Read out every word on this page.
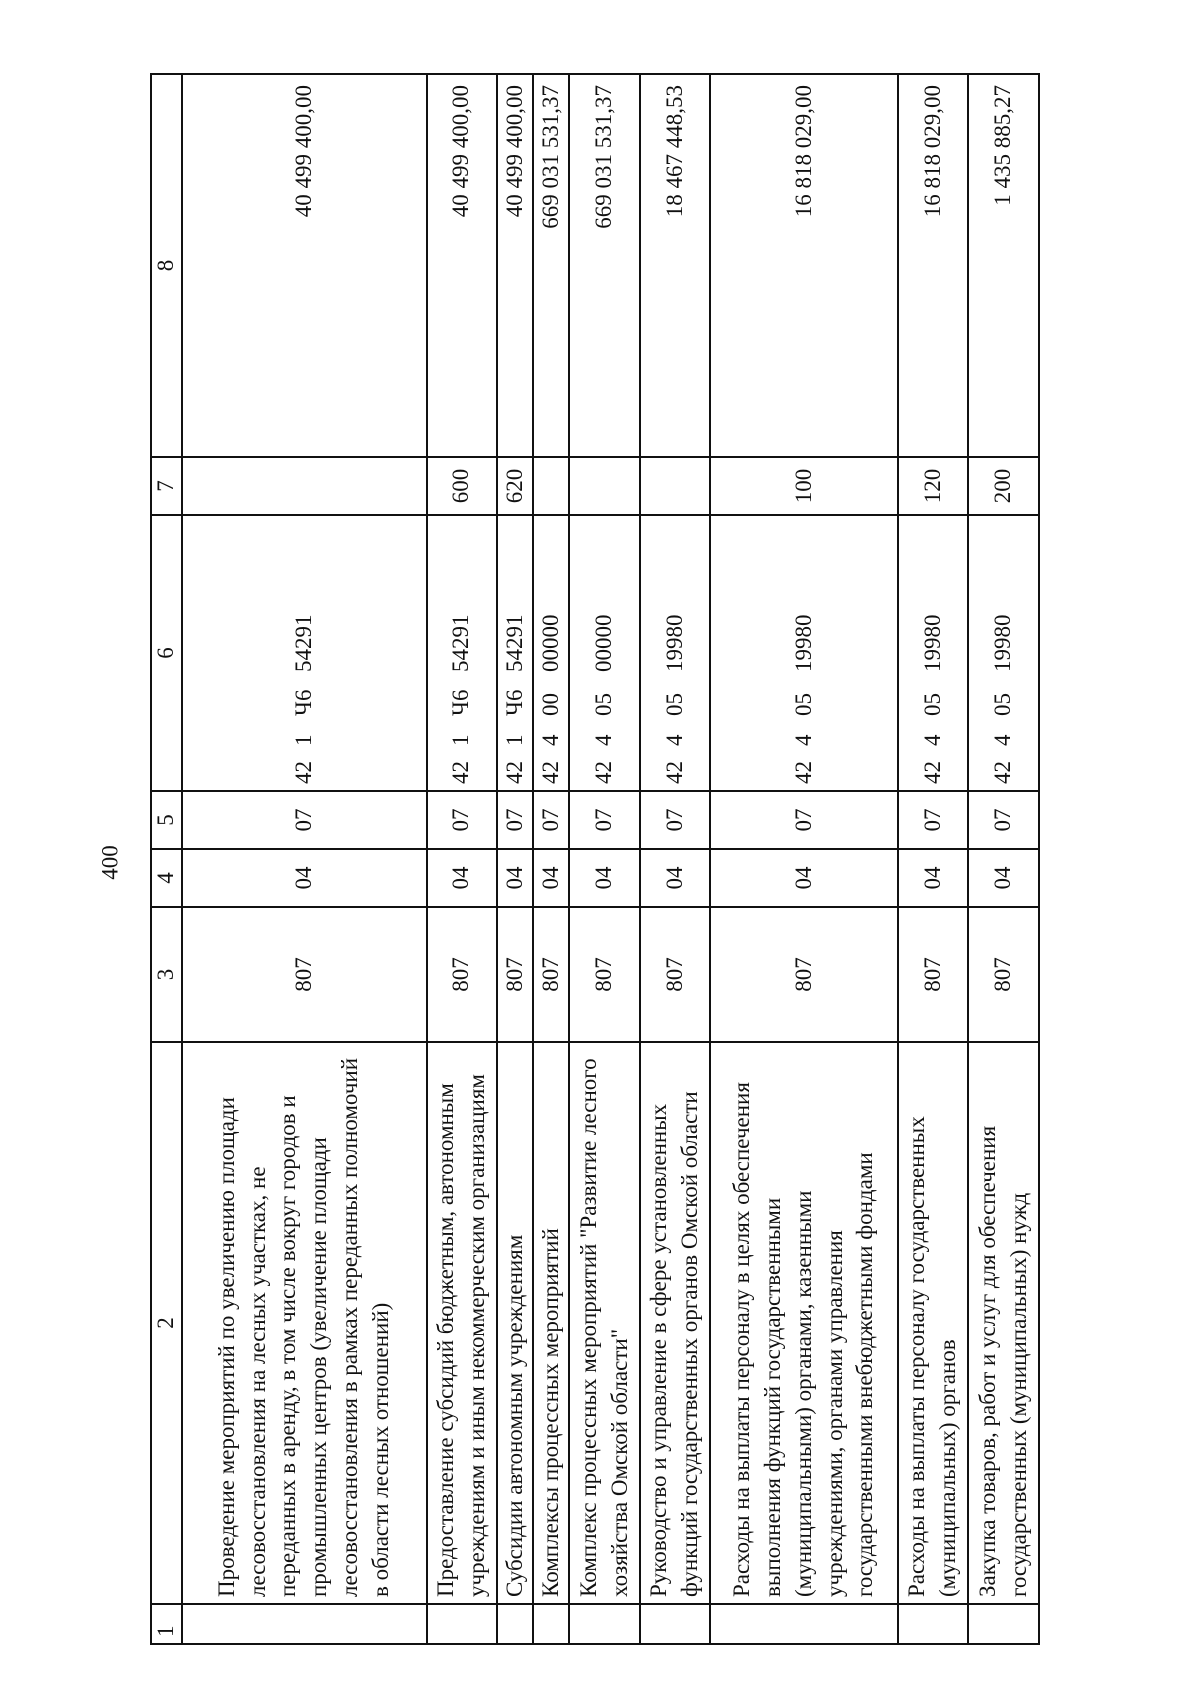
400
1	2	3	4	5	6	7	8
	Проведение мероприятий по увеличению площади лесовосстановления на лесных участках, не переданных в аренду, в том числе вокруг городов и промышленных центров (увеличение площади лесовосстановления в рамках переданных полномочий в области лесных отношений)	807	04	07	421Ч654291		40 499 400,00
	Предоставление субсидий бюджетным, автономным учреждениям и иным некоммерческим организациям	807	04	07	421Ч654291	600	40 499 400,00
	Субсидии автономным учреждениям	807	04	07	421Ч654291	620	40 499 400,00
	Комплексы процессных мероприятий	807	04	07	4240000000		669 031 531,37
	Комплекс процессных мероприятий "Развитие лесного хозяйства Омской области"	807	04	07	4240500000		669 031 531,37
	Руководство и управление в сфере установленных функций государственных органов Омской области	807	04	07	4240519980		18 467 448,53
	Расходы на выплаты персоналу в целях обеспечения выполнения функций государственными (муниципальными) органами, казенными учреждениями, органами управления государственными внебюджетными фондами	807	04	07	4240519980	100	16 818 029,00
	Расходы на выплаты персоналу государственных (муниципальных) органов	807	04	07	4240519980	120	16 818 029,00
	Закупка товаров, работ и услуг для обеспечения государственных (муниципальных) нужд	807	04	07	4240519980	200	1 435 885,27
